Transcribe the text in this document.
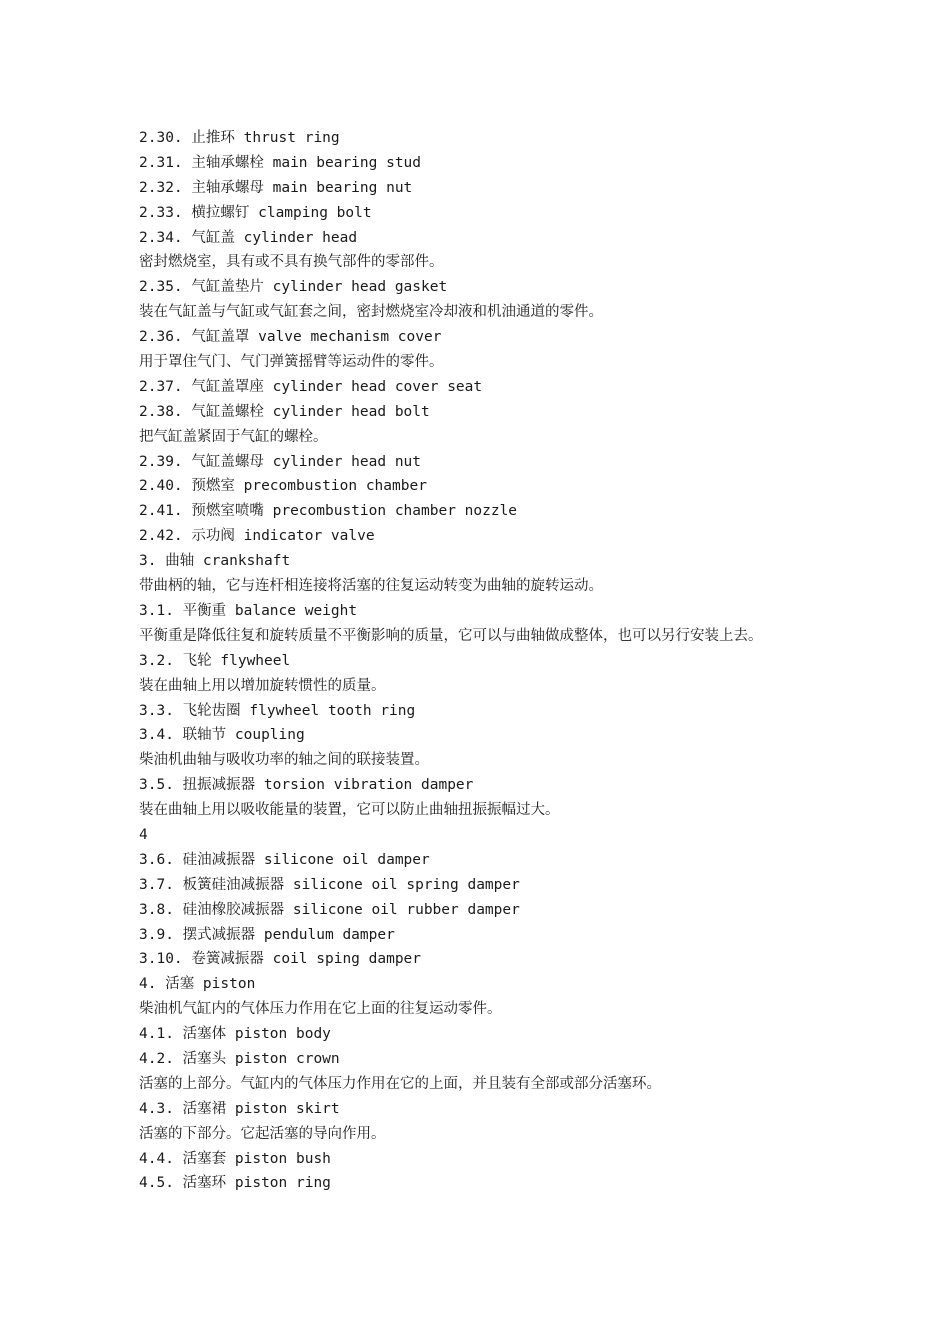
2.30. 止推环 thrust ring
2.31. 主轴承螺栓 main bearing stud
2.32. 主轴承螺母 main bearing nut
2.33. 横拉螺钉 clamping bolt
2.34. 气缸盖 cylinder head
密封燃烧室，具有或不具有换气部件的零部件。
2.35. 气缸盖垫片 cylinder head gasket
装在气缸盖与气缸或气缸套之间，密封燃烧室冷却液和机油通道的零件。
2.36. 气缸盖罩 valve mechanism cover
用于罩住气门、气门弹簧摇臂等运动件的零件。
2.37. 气缸盖罩座 cylinder head cover seat
2.38. 气缸盖螺栓 cylinder head bolt
把气缸盖紧固于气缸的螺栓。
2.39. 气缸盖螺母 cylinder head nut
2.40. 预燃室 precombustion chamber
2.41. 预燃室喷嘴 precombustion chamber nozzle
2.42. 示功阀 indicator valve
3. 曲轴 crankshaft
带曲柄的轴，它与连杆相连接将活塞的往复运动转变为曲轴的旋转运动。
3.1. 平衡重 balance weight
平衡重是降低往复和旋转质量不平衡影响的质量，它可以与曲轴做成整体，也可以另行安装上去。
3.2. 飞轮 flywheel
装在曲轴上用以增加旋转惯性的质量。
3.3. 飞轮齿圈 flywheel tooth ring
3.4. 联轴节 coupling
柴油机曲轴与吸收功率的轴之间的联接装置。
3.5. 扭振减振器 torsion vibration damper
装在曲轴上用以吸收能量的装置，它可以防止曲轴扭振振幅过大。
4
3.6. 硅油减振器 silicone oil damper
3.7. 板簧硅油减振器 silicone oil spring damper
3.8. 硅油橡胶减振器 silicone oil rubber damper
3.9. 摆式减振器 pendulum damper
3.10. 卷簧减振器 coil sping damper
4. 活塞 piston
柴油机气缸内的气体压力作用在它上面的往复运动零件。
4.1. 活塞体 piston body
4.2. 活塞头 piston crown
活塞的上部分。气缸内的气体压力作用在它的上面，并且装有全部或部分活塞环。
4.3. 活塞裙 piston skirt
活塞的下部分。它起活塞的导向作用。
4.4. 活塞套 piston bush
4.5. 活塞环 piston ring
